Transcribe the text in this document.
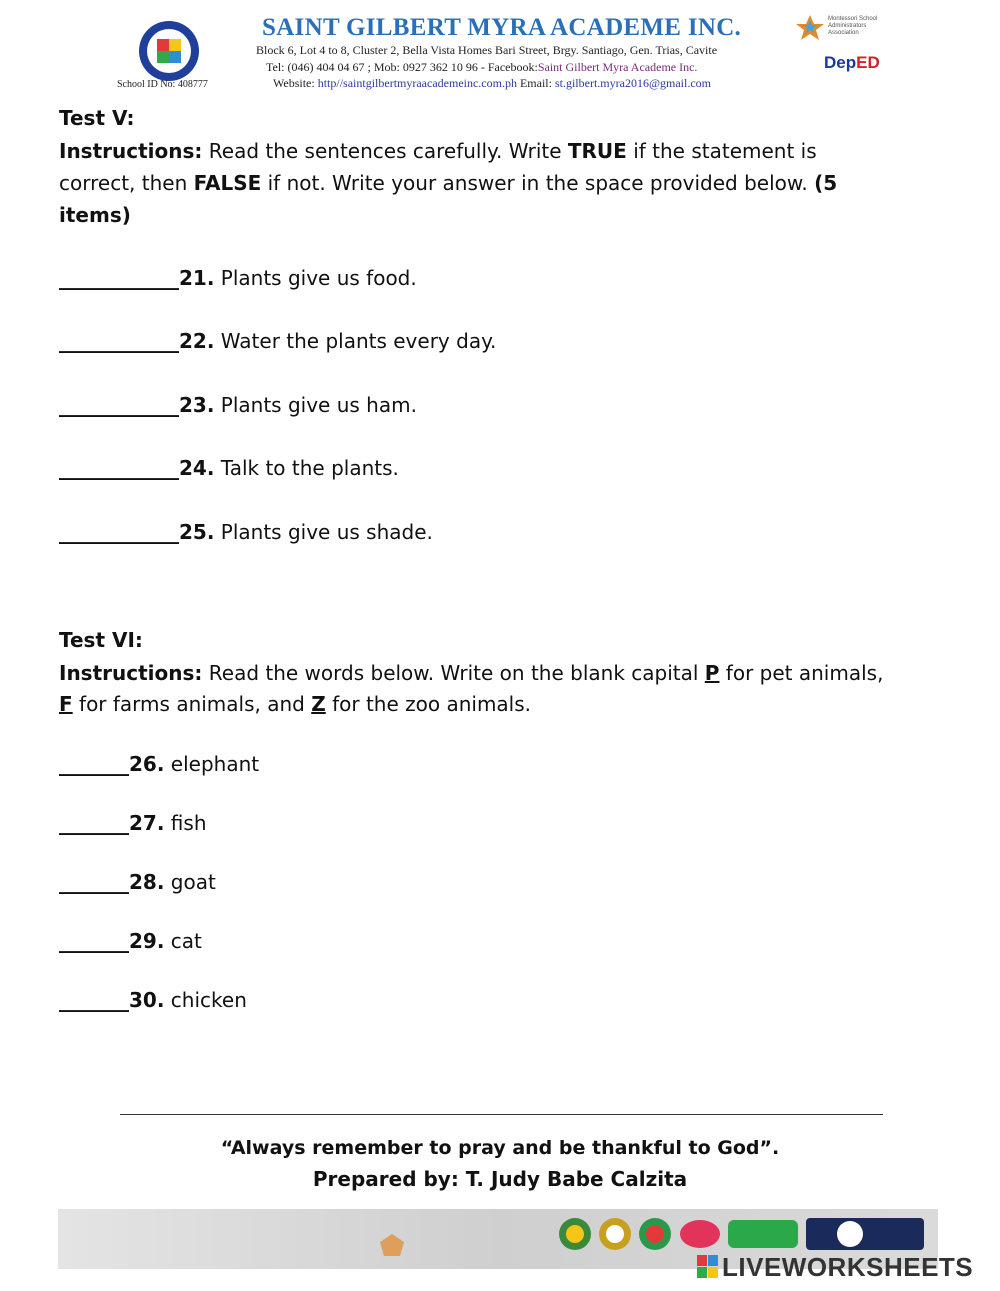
School ID No: 408777
SAINT GILBERT MYRA ACADEME INC.
Block 6, Lot 4 to 8, Cluster 2, Bella Vista Homes Bari Street, Brgy. Santiago, Gen. Trias, Cavite
Tel: (046) 404 04 67 ; Mob: 0927 362 10 96 - Facebook:Saint Gilbert Myra Academe Inc.
Website: http//saintgilbertmyraacademeinc.com.ph Email: st.gilbert.myra2016@gmail.com
Montessori School Administrators Association
DepED
Test V:
Instructions: Read the sentences carefully. Write TRUE if the statement is
correct, then FALSE if not. Write your answer in the space provided below. (5
items)
____________21. Plants give us food.
____________22. Water the plants every day.
____________23. Plants give us ham.
____________24. Talk to the plants.
____________25. Plants give us shade.
Test VI:
Instructions: Read the words below. Write on the blank capital P for pet animals,
F for farms animals, and Z for the zoo animals.
_______26. elephant
_______27. fish
_______28. goat
_______29. cat
_______30. chicken
“Always remember to pray and be thankful to God”.
Prepared by: T. Judy Babe Calzita
LIVEWORKSHEETS
